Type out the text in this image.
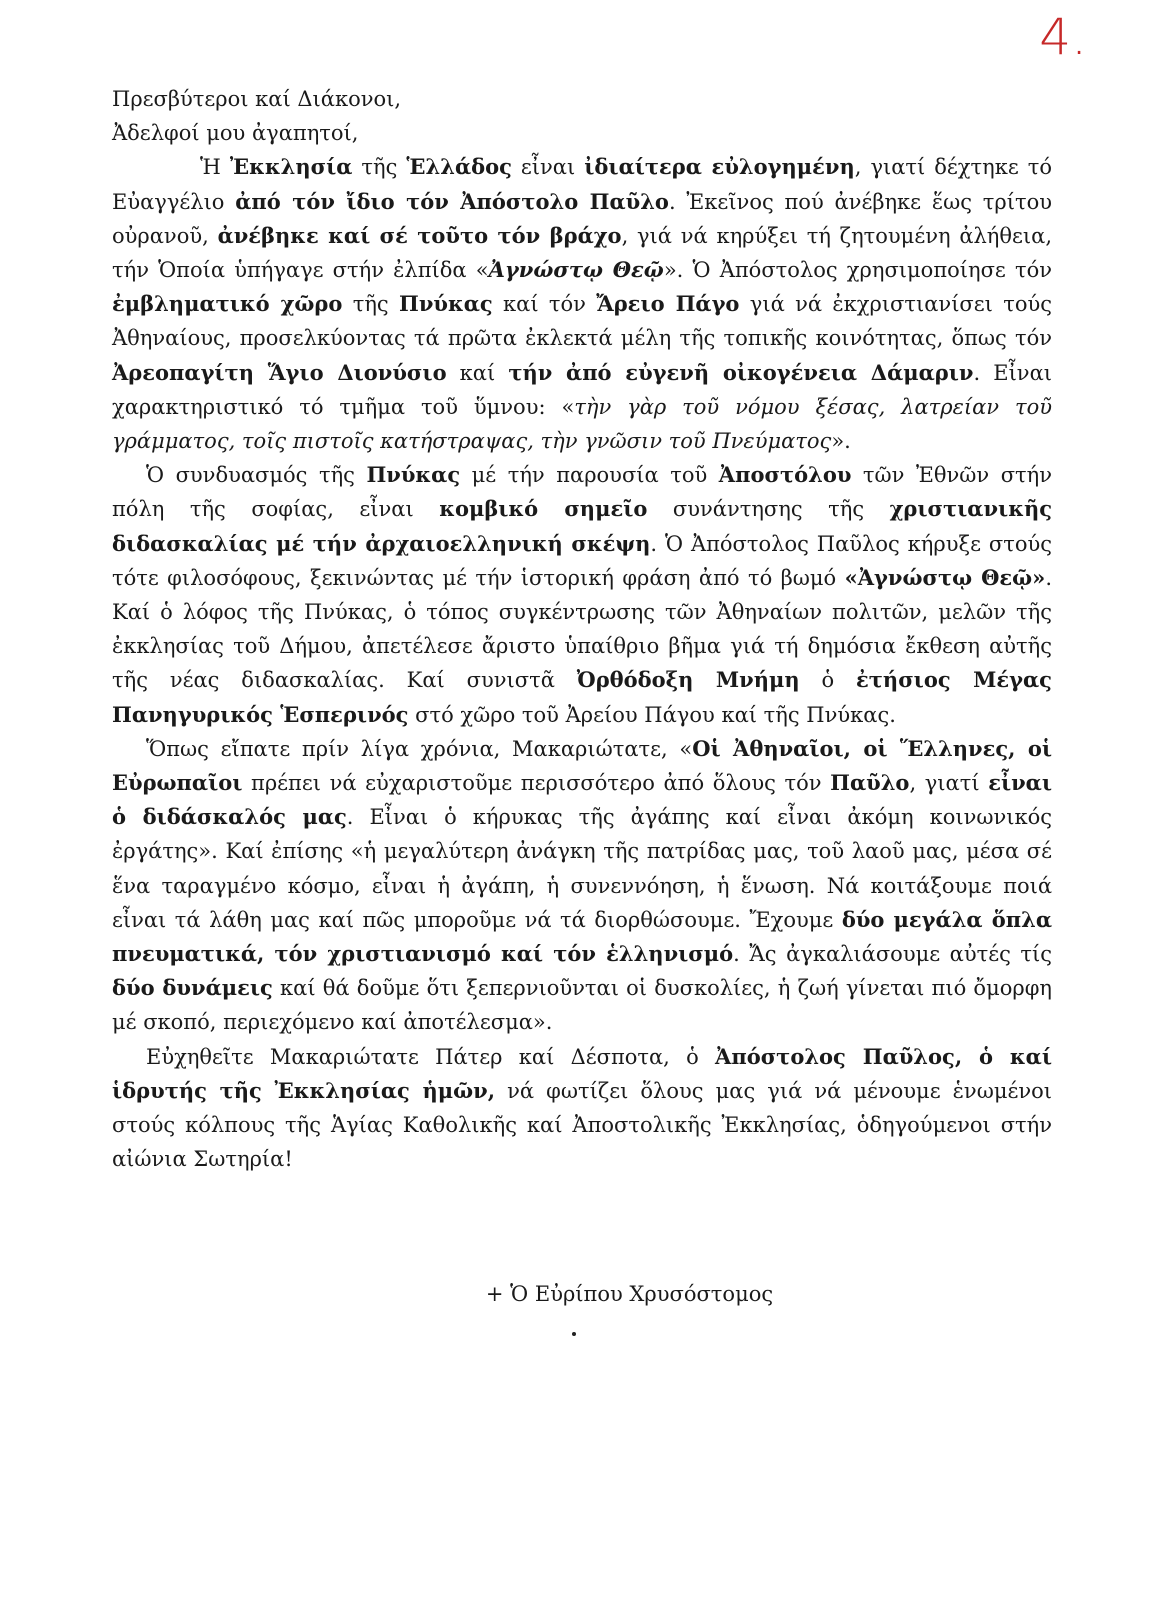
4.

Πρεσβύτεροι καί Διάκονοι,

Ἀδελφοί μου ἀγαπητοί,

Ἡ Ἐκκλησία τῆς Ἑλλάδος εἶναι ἰδιαίτερα εὐλογημένη, γιατί δέχτηκε τό Εὐαγγέλιο ἀπό τόν ἴδιο τόν Ἀπόστολο Παῦλο. Ἐκεῖνος πού ἀνέβηκε ἕως τρίτου οὐρανοῦ, ἀνέβηκε καί σέ τοῦτο τόν βράχο, γιά νά κηρύξει τή ζητουμένη ἀλήθεια, τήν Ὁποία ὑπήγαγε στήν ἐλπίδα «Ἀγνώστῳ Θεῷ». Ὁ Ἀπόστολος χρησιμοποίησε τόν ἐμβληματικό χῶρο τῆς Πνύκας καί τόν Ἄρειο Πάγο γιά νά ἐκχριστιανίσει τούς Ἀθηναίους, προσελκύοντας τά πρῶτα ἐκλεκτά μέλη τῆς τοπικῆς κοινότητας, ὅπως τόν Ἀρεοπαγίτη Ἅγιο Διονύσιο καί τήν ἀπό εὐγενῆ οἰκογένεια Δάμαριν. Εἶναι χαρακτηριστικό τό τμῆμα τοῦ ὕμνου: «τὴν γὰρ τοῦ νόμου ξέσας, λατρείαν τοῦ γράμματος, τοῖς πιστοῖς κατήστραψας, τὴν γνῶσιν τοῦ Πνεύματος».

Ὁ συνδυασμός τῆς Πνύκας μέ τήν παρουσία τοῦ Ἀποστόλου τῶν Ἐθνῶν στήν πόλη τῆς σοφίας, εἶναι κομβικό σημεῖο συνάντησης τῆς χριστιανικῆς διδασκαλίας μέ τήν ἀρχαιοελληνική σκέψη. Ὁ Ἀπόστολος Παῦλος κήρυξε στούς τότε φιλοσόφους, ξεκινώντας μέ τήν ἱστορική φράση ἀπό τό βωμό «Ἀγνώστῳ Θεῷ». Καί ὁ λόφος τῆς Πνύκας, ὁ τόπος συγκέντρωσης τῶν Ἀθηναίων πολιτῶν, μελῶν τῆς ἐκκλησίας τοῦ Δήμου, ἀπετέλεσε ἄριστο ὑπαίθριο βῆμα γιά τή δημόσια ἔκθεση αὐτῆς τῆς νέας διδασκαλίας. Καί συνιστᾶ Ὀρθόδοξη Μνήμη ὁ ἐτήσιος Μέγας Πανηγυρικός Ἑσπερινός στό χῶρο τοῦ Ἀρείου Πάγου καί τῆς Πνύκας.

Ὅπως εἴπατε πρίν λίγα χρόνια, Μακαριώτατε, «Οἱ Ἀθηναῖοι, οἱ Ἕλληνες, οἱ Εὐρωπαῖοι πρέπει νά εὐχαριστοῦμε περισσότερο ἀπό ὅλους τόν Παῦλο, γιατί εἶναι ὁ διδάσκαλός μας. Εἶναι ὁ κήρυκας τῆς ἀγάπης καί εἶναι ἀκόμη κοινωνικός ἐργάτης». Καί ἐπίσης «ἡ μεγαλύτερη ἀνάγκη τῆς πατρίδας μας, τοῦ λαοῦ μας, μέσα σέ ἕνα ταραγμένο κόσμο, εἶναι ἡ ἀγάπη, ἡ συνεννόηση, ἡ ἕνωση. Νά κοιτάξουμε ποιά εἶναι τά λάθη μας καί πῶς μποροῦμε νά τά διορθώσουμε. Ἔχουμε δύο μεγάλα ὅπλα πνευματικά, τόν χριστιανισμό καί τόν ἑλληνισμό. Ἄς ἀγκαλιάσουμε αὐτές τίς δύο δυνάμεις καί θά δοῦμε ὅτι ξεπερνιοῦνται οἱ δυσκολίες, ἡ ζωή γίνεται πιό ὄμορφη μέ σκοπό, περιεχόμενο καί ἀποτέλεσμα».

Εὐχηθεῖτε Μακαριώτατε Πάτερ καί Δέσποτα, ὁ Ἀπόστολος Παῦλος, ὁ καί ἱδρυτής τῆς Ἐκκλησίας ἡμῶν, νά φωτίζει ὅλους μας γιά νά μένουμε ἑνωμένοι στούς κόλπους τῆς Ἁγίας Καθολικῆς καί Ἀποστολικῆς Ἐκκλησίας, ὁδηγούμενοι στήν αἰώνια Σωτηρία!

+ Ὁ Εὐρίπου Χρυσόστομος
